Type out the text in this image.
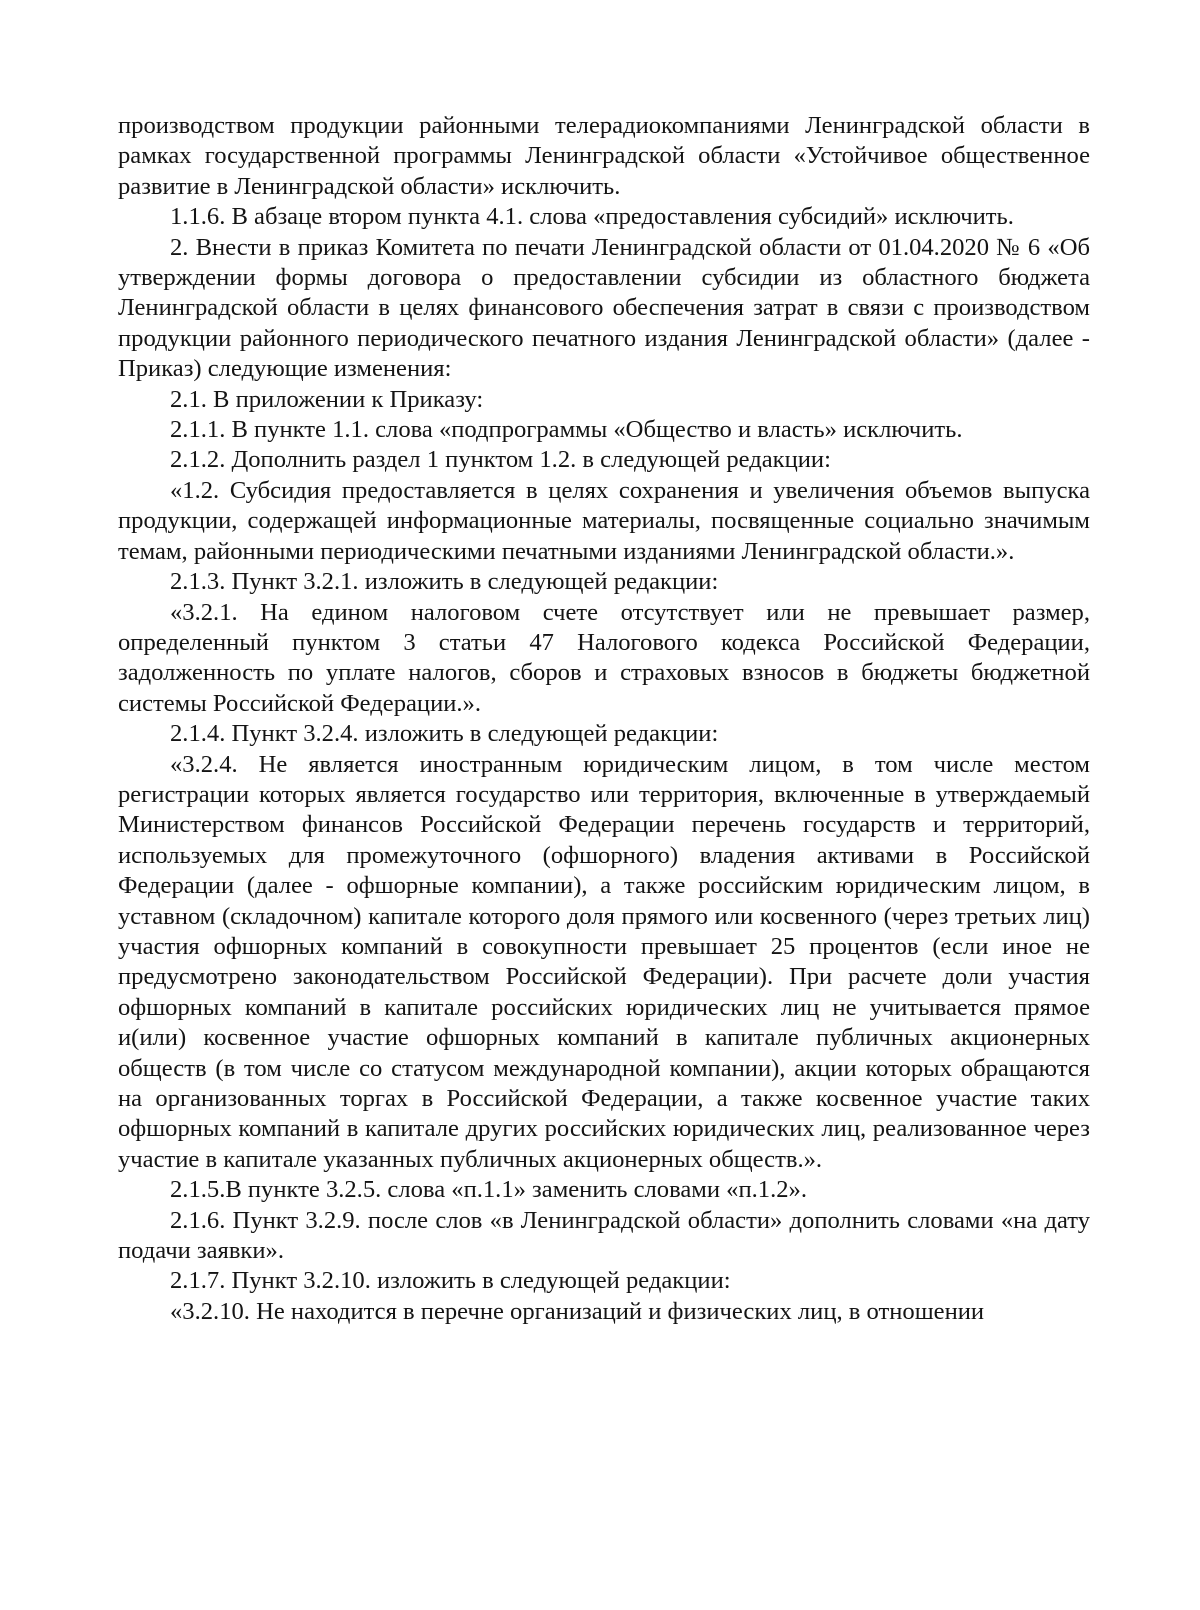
производством продукции районными телерадиокомпаниями Ленинградской области в рамках государственной программы Ленинградской области «Устойчивое общественное развитие в Ленинградской области» исключить.

1.1.6. В абзаце втором пункта 4.1. слова «предоставления субсидий» исключить.

2. Внести в приказ Комитета по печати Ленинградской области от 01.04.2020 № 6 «Об утверждении формы договора о предоставлении субсидии из областного бюджета Ленинградской области в целях финансового обеспечения затрат в связи с производством продукции районного периодического печатного издания Ленинградской области» (далее - Приказ) следующие изменения:

2.1. В приложении к Приказу:

2.1.1. В пункте 1.1. слова «подпрограммы «Общество и власть» исключить.

2.1.2. Дополнить раздел 1 пунктом 1.2. в следующей редакции:

«1.2. Субсидия предоставляется в целях сохранения и увеличения объемов выпуска продукции, содержащей информационные материалы, посвященные социально значимым темам, районными периодическими печатными изданиями Ленинградской области.».

2.1.3. Пункт 3.2.1. изложить в следующей редакции:

«3.2.1. На едином налоговом счете отсутствует или не превышает размер, определенный пунктом 3 статьи 47 Налогового кодекса Российской Федерации, задолженность по уплате налогов, сборов и страховых взносов в бюджеты бюджетной системы Российской Федерации.».

2.1.4. Пункт 3.2.4. изложить в следующей редакции:

«3.2.4. Не является иностранным юридическим лицом, в том числе местом регистрации которых является государство или территория, включенные в утверждаемый Министерством финансов Российской Федерации перечень государств и территорий, используемых для промежуточного (офшорного) владения активами в Российской Федерации (далее - офшорные компании), а также российским юридическим лицом, в уставном (складочном) капитале которого доля прямого или косвенного (через третьих лиц) участия офшорных компаний в совокупности превышает 25 процентов (если иное не предусмотрено законодательством Российской Федерации). При расчете доли участия офшорных компаний в капитале российских юридических лиц не учитывается прямое и(или) косвенное участие офшорных компаний в капитале публичных акционерных обществ (в том числе со статусом международной компании), акции которых обращаются на организованных торгах в Российской Федерации, а также косвенное участие таких офшорных компаний в капитале других российских юридических лиц, реализованное через участие в капитале указанных публичных акционерных обществ.».

2.1.5.В пункте 3.2.5. слова «п.1.1» заменить словами «п.1.2».

2.1.6. Пункт 3.2.9. после слов «в Ленинградской области» дополнить словами «на дату подачи заявки».

2.1.7. Пункт 3.2.10. изложить в следующей редакции:

«3.2.10. Не находится в перечне организаций и физических лиц, в отношении
